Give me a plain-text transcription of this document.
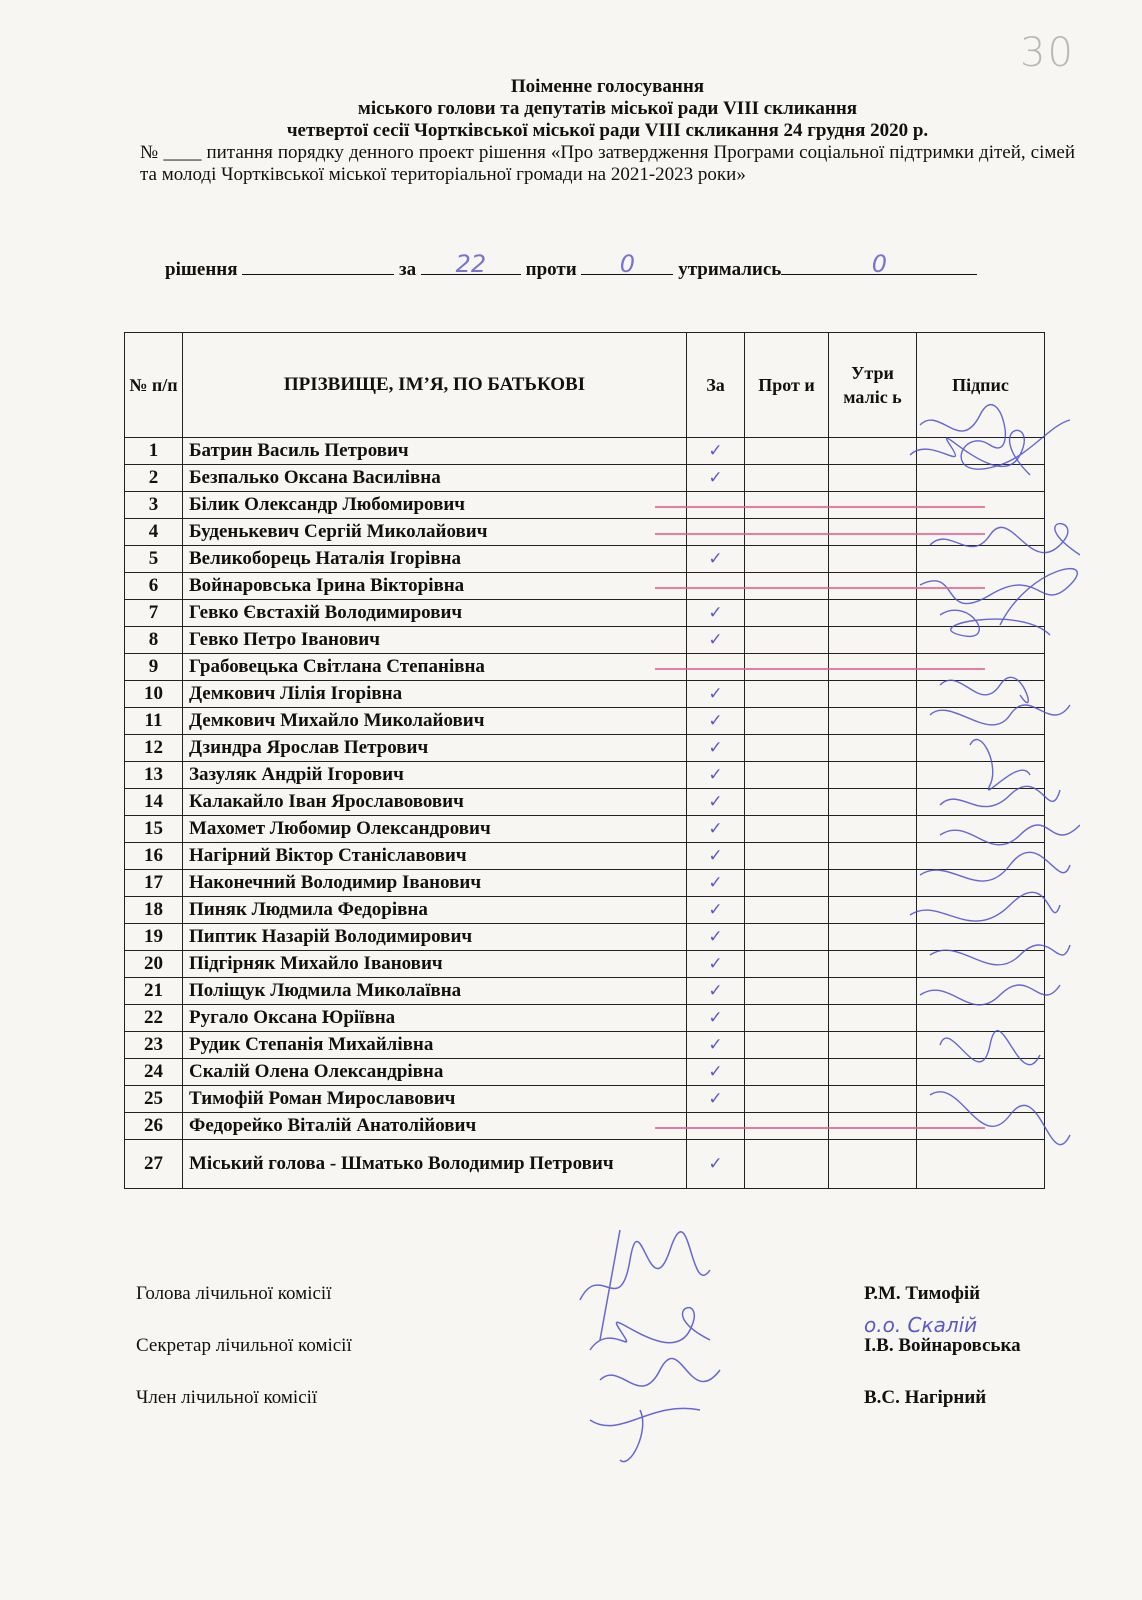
30
Поіменне голосування
міського голови та депутатів міської ради VIII скликання
четвертої сесії Чортківської міської ради VIII скликання 24 грудня 2020 р.
№ ____ питання порядку денного проект рішення «Про затвердження Програми соціальної підтримки дітей, сімей та молоді Чортківської міської територіальної громади на 2021-2023 роки»
рішення	за	22	проти	0	утримались	0
№ п/п	ПРІЗВИЩЕ, ІМ’Я, ПО БАТЬКОВІ	За	Прот и	Утри маліс ь	Підпис
1	Батрин Василь Петрович	✓			
2	Безпалько Оксана Василівна	✓			
3	Білик Олександр Любомирович				
4	Буденькевич Сергій Миколайович				
5	Великоборець Наталія Ігорівна	✓			
6	Войнаровська Ірина Вікторівна				
7	Гевко Євстахій Володимирович	✓			
8	Гевко Петро Іванович	✓			
9	Грабовецька Світлана Степанівна				
10	Демкович Лілія Ігорівна	✓			
11	Демкович Михайло Миколайович	✓			
12	Дзиндра Ярослав Петрович	✓			
13	Зазуляк Андрій Ігорович	✓			
14	Калакайло Іван Ярославовович	✓			
15	Махомет Любомир Олександрович	✓			
16	Нагірний Віктор Станіславович	✓			
17	Наконечний Володимир Іванович	✓			
18	Пиняк Людмила Федорівна	✓			
19	Пиптик Назарій Володимирович	✓			
20	Підгірняк Михайло Іванович	✓			
21	Поліщук Людмила Миколаївна	✓			
22	Ругало Оксана Юріївна	✓			
23	Рудик Степанія Михайлівна	✓			
24	Скалій Олена Олександрівна	✓			
25	Тимофій Роман Мирославович	✓			
26	Федорейко Віталій Анатолійович				
27	Міський голова - Шматько Володимир Петрович	✓			
Голова лічильної комісії	Р.М. Тимофій
Секретар лічильної комісії
о.о. Скалій
І.В. Войнаровська
Член лічильної комісії	В.С. Нагірний
